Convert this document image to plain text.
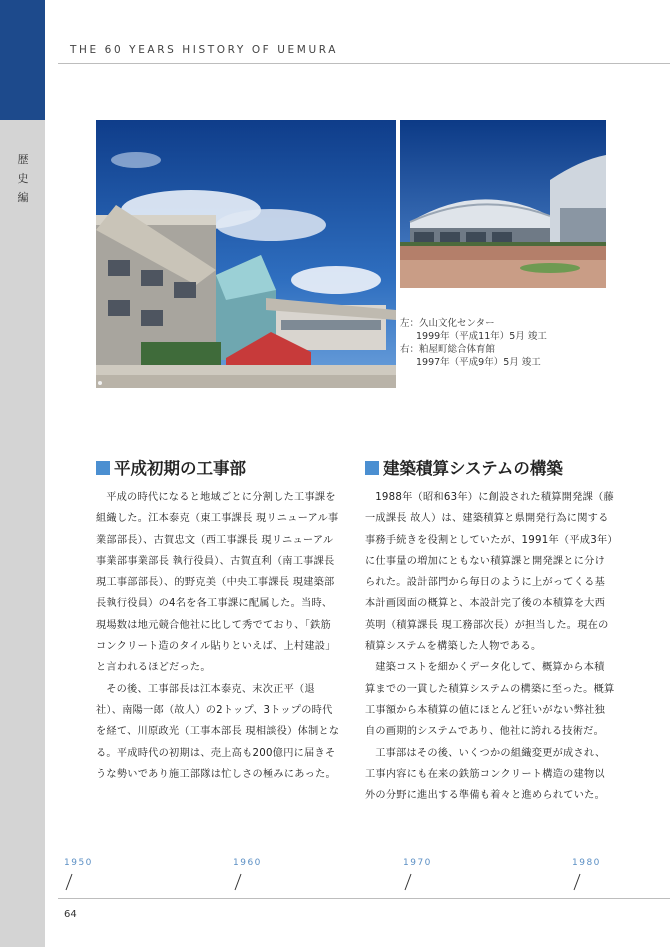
歴
史
編
THE 60 YEARS HISTORY OF UEMURA
左：久山文化センター
1999年（平成11年）5月 竣工
右：粕屋町総合体育館
1997年（平成9年）5月 竣工
平成初期の工事部	建築積算システムの構築

平成の時代になると地域ごとに分割した工事課を組織した。江本泰克（東工事課長 現リニューアル事業部部長）、古賀忠文（西工事課長 現リニューアル事業部事業部長 執行役員）、古賀直利（南工事課長 現工事部部長）、的野克美（中央工事課長 現建築部長執行役員）の4名を各工事課に配属した。当時、現場数は地元競合他社に比して秀でており、「鉄筋コンクリート造のタイル貼りといえば、上村建設」と言われるほどだった。

その後、工事部長は江本泰克、末次正平（退社）、南陽一郎（故人）の2トップ、3トップの時代を経て、川原政光（工事本部長 現相談役）体制となる。平成時代の初期は、売上高も200億円に届きそうな勢いであり施工部隊は忙しさの極みにあった。

1988年（昭和63年）に創設された積算開発課（藤一成課長 故人）は、建築積算と県開発行為に関する事務手続きを役割としていたが、1991年（平成3年）に仕事量の増加にともない積算課と開発課とに分けられた。設計部門から毎日のように上がってくる基本計画図面の概算と、本設計完了後の本積算を大西英明（積算課長 現工務部次長）が担当した。現在の積算システムを構築した人物である。

建築コストを細かくデータ化して、概算から本積算までの一貫した積算システムの構築に至った。概算工事額から本積算の値にほとんど狂いがない弊社独自の画期的システムであり、他社に誇れる技術だ。

工事部はその後、いくつかの組織変更が成され、工事内容にも在来の鉄筋コンクリート構造の建物以外の分野に進出する準備も着々と進められていた。

1950	1960	1970	1980
64
